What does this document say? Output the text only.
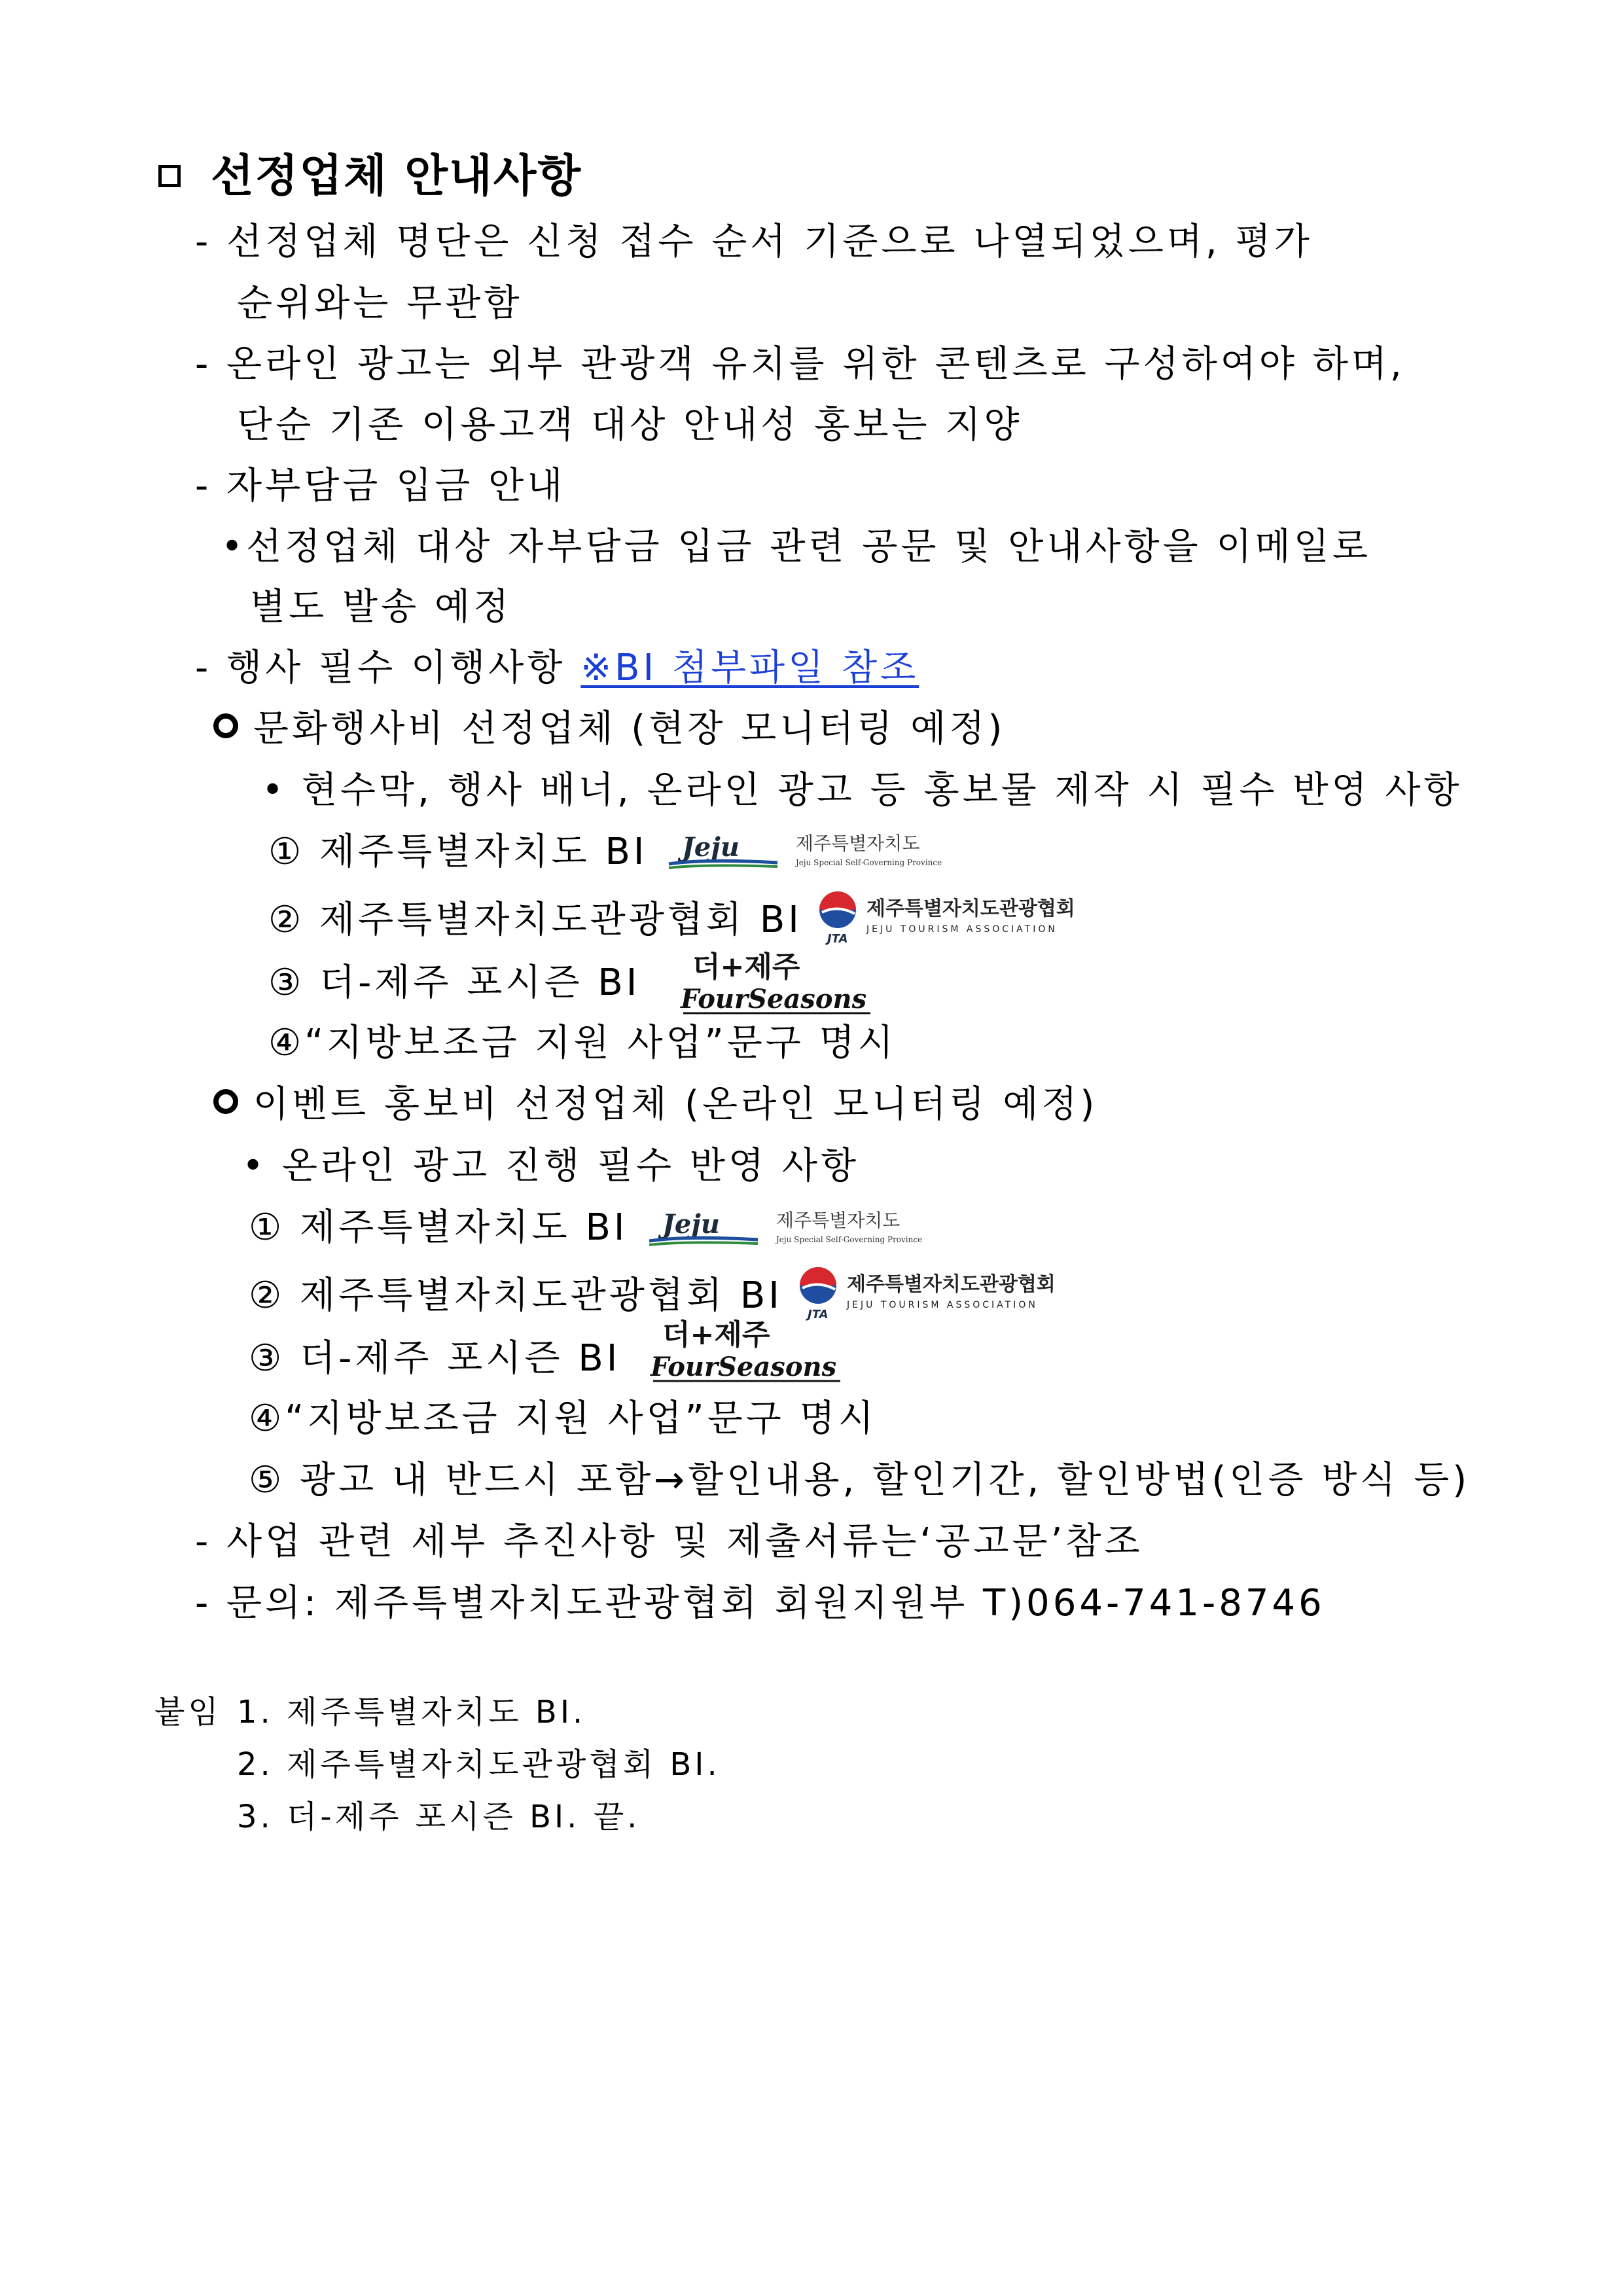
선정업체 안내사항
- 선정업체 명단은 신청 접수 순서 기준으로 나열되었으며, 평가
순위와는 무관함
- 온라인 광고는 외부 관광객 유치를 위한 콘텐츠로 구성하여야 하며,
단순 기존 이용고객 대상 안내성 홍보는 지양
- 자부담금 입금 안내
•선정업체 대상 자부담금 입금 관련 공문 및 안내사항을 이메일로
별도 발송 예정
- 행사 필수 이행사항 ※BI 첨부파일 참조
문화행사비 선정업체 (현장 모니터링 예정)
• 현수막, 행사 배너, 온라인 광고 등 홍보물 제작 시 필수 반영 사항
① 제주특별자치도 BI Jeju	제주특별자치도
Jeju Special Self-Governing Province
② 제주특별자치도관광협회 BI JTA
제주특별자치도관광협회
JEJU TOURISM ASSOCIATION
③ 더-제주 포시즌 BI 더+제주
FourSeasons
④“지방보조금 지원 사업”문구 명시
이벤트 홍보비 선정업체 (온라인 모니터링 예정)
• 온라인 광고 진행 필수 반영 사항
① 제주특별자치도 BI Jeju	제주특별자치도
Jeju Special Self-Governing Province
② 제주특별자치도관광협회 BI JTA
제주특별자치도관광협회
JEJU TOURISM ASSOCIATION
③ 더-제주 포시즌 BI
더+제주
FourSeasons
④“지방보조금 지원 사업”문구 명시
⑤ 광고 내 반드시 포함→할인내용, 할인기간, 할인방법(인증 방식 등)
- 사업 관련 세부 추진사항 및 제출서류는‘공고문’참조
- 문의: 제주특별자치도관광협회 회원지원부 T)064-741-8746
붙임 1. 제주특별자치도 BI.
2. 제주특별자치도관광협회 BI.
3. 더-제주 포시즌 BI. 끝.
